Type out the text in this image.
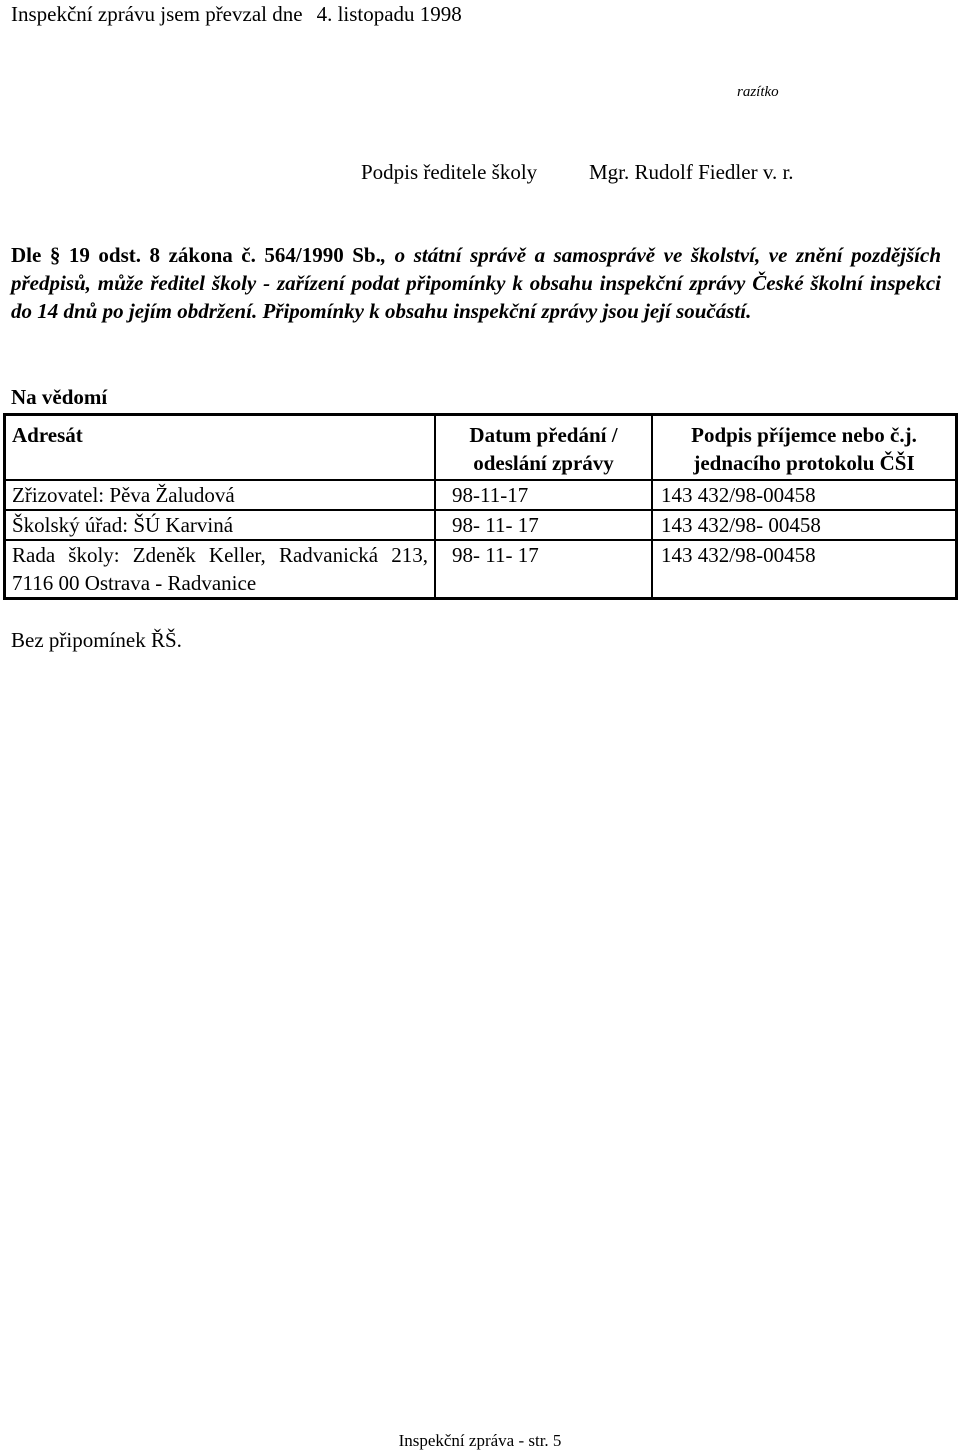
Inspekční zprávu jsem převzal dne 4. listopadu 1998
razítko
Podpis ředitele školy Mgr. Rudolf Fiedler v. r.
Dle § 19 odst. 8 zákona č. 564/1990 Sb., o státní správě a samosprávě ve školství, ve znění pozdějších předpisů, může ředitel školy - zařízení podat připomínky k obsahu inspekční zprávy České školní inspekci do 14 dnů po jejím obdržení. Připomínky k obsahu inspekční zprávy jsou její součástí.
Na vědomí
Adresát	Datum předání / odeslání zprávy	Podpis příjemce nebo č.j. jednacího protokolu ČŠI
Zřizovatel: Pěva Žaludová	98-11-17	143 432/98-00458
Školský úřad: ŠÚ Karviná	98- 11- 17	143 432/98- 00458
Rada školy: Zdeněk Keller, Radvanická 213, 7116 00 Ostrava - Radvanice	98- 11- 17	143 432/98-00458
Bez připomínek ŘŠ.
Inspekční zpráva - str. 5
